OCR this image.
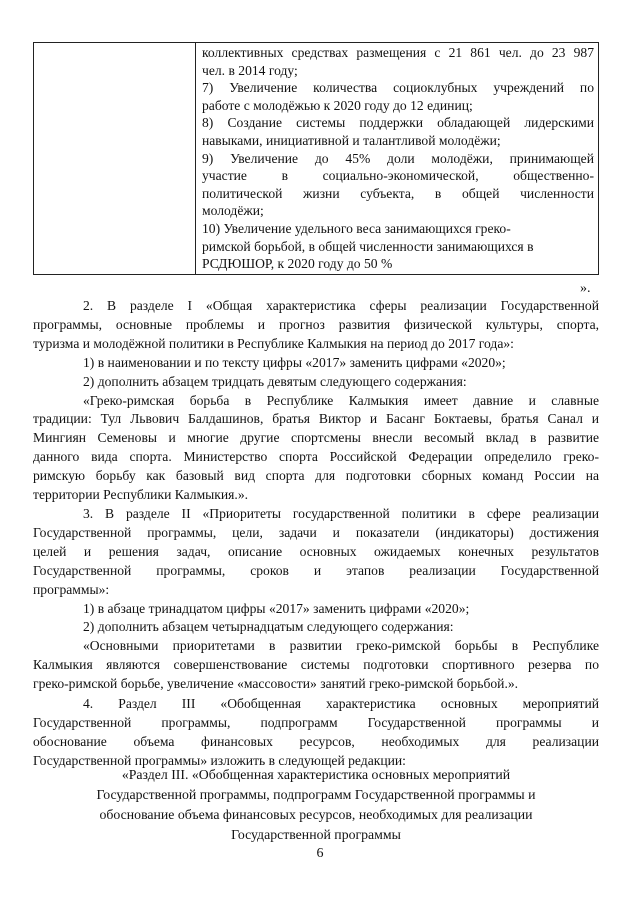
коллективных средствах размещения с 21 861 чел. до 23 987
чел. в 2014 году;
7) Увеличение количества социоклубных учреждений по
работе с молодёжью к 2020 году до 12 единиц;
8) Создание системы поддержки обладающей лидерскими
навыками, инициативной и талантливой молодёжи;
9) Увеличение до 45% доли молодёжи, принимающей
участие в социально-экономической, общественно-
политической жизни субъекта, в общей численности
молодёжи;
10) Увеличение удельного веса занимающихся греко-
римской борьбой, в общей численности занимающихся в
РСДЮШОР, к 2020 году до 50 %
».
2. В разделе I «Общая характеристика сферы реализации Государственной
программы, основные проблемы и прогноз развития физической культуры, спорта,
туризма и молодёжной политики в Республике Калмыкия на период до 2017 года»:
1) в наименовании и по тексту цифры «2017» заменить цифрами «2020»;
2) дополнить абзацем тридцать девятым следующего содержания:
«Греко-римская борьба в Республике Калмыкия имеет давние и славные
традиции: Тул Львович Балдашинов, братья Виктор и Басанг Боктаевы, братья Санал и
Мингиян Семеновы и многие другие спортсмены внесли весомый вклад в развитие
данного вида спорта. Министерство спорта Российской Федерации определило греко-
римскую борьбу как базовый вид спорта для подготовки сборных команд России на
территории Республики Калмыкия.».
3. В разделе II «Приоритеты государственной политики в сфере реализации
Государственной программы, цели, задачи и показатели (индикаторы) достижения
целей и решения задач, описание основных ожидаемых конечных результатов
Государственной программы, сроков и этапов реализации Государственной
программы»:
1) в абзаце тринадцатом цифры «2017» заменить цифрами «2020»;
2) дополнить абзацем четырнадцатым следующего содержания:
«Основными приоритетами в развитии греко-римской борьбы в Республике
Калмыкия являются совершенствование системы подготовки спортивного резерва по
греко-римской борьбе, увеличение «массовости» занятий греко-римской борьбой.».
4. Раздел III «Обобщенная характеристика основных мероприятий
Государственной программы, подпрограмм Государственной программы и
обоснование объема финансовых ресурсов, необходимых для реализации
Государственной программы» изложить в следующей редакции:
«Раздел III. «Обобщенная характеристика основных мероприятий
Государственной программы, подпрограмм Государственной программы и
обоснование объема финансовых ресурсов, необходимых для реализации
Государственной программы
6
